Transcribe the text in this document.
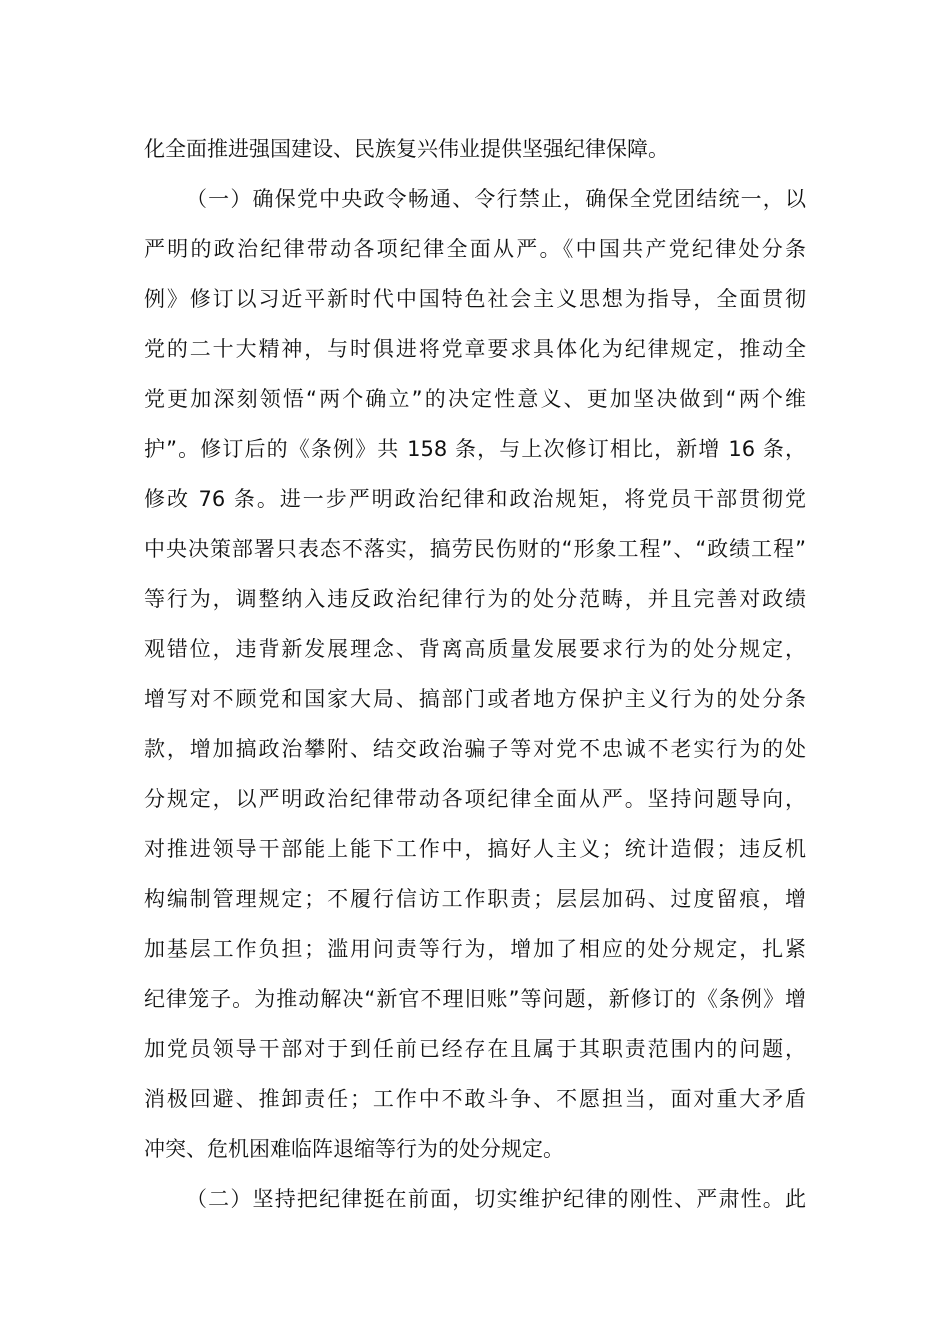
化全面推进强国建设、民族复兴伟业提供坚强纪律保障。
（一）确保党中央政令畅通、令行禁止，确保全党团结统一，以
严明的政治纪律带动各项纪律全面从严。《中国共产党纪律处分条
例》修订以习近平新时代中国特色社会主义思想为指导，全面贯彻
党的二十大精神，与时俱进将党章要求具体化为纪律规定，推动全
党更加深刻领悟“两个确立”的决定性意义、更加坚决做到“两个维
护”。修订后的《条例》共 158 条，与上次修订相比，新增 16 条，
修改 76 条。进一步严明政治纪律和政治规矩，将党员干部贯彻党
中央决策部署只表态不落实，搞劳民伤财的“形象工程”、“政绩工程”
等行为，调整纳入违反政治纪律行为的处分范畴，并且完善对政绩
观错位，违背新发展理念、背离高质量发展要求行为的处分规定，
增写对不顾党和国家大局、搞部门或者地方保护主义行为的处分条
款，增加搞政治攀附、结交政治骗子等对党不忠诚不老实行为的处
分规定，以严明政治纪律带动各项纪律全面从严。坚持问题导向，
对推进领导干部能上能下工作中，搞好人主义；统计造假；违反机
构编制管理规定；不履行信访工作职责；层层加码、过度留痕，增
加基层工作负担；滥用问责等行为，增加了相应的处分规定，扎紧
纪律笼子。为推动解决“新官不理旧账”等问题，新修订的《条例》增
加党员领导干部对于到任前已经存在且属于其职责范围内的问题，
消极回避、推卸责任；工作中不敢斗争、不愿担当，面对重大矛盾
冲突、危机困难临阵退缩等行为的处分规定。
（二）坚持把纪律挺在前面，切实维护纪律的刚性、严肃性。此
